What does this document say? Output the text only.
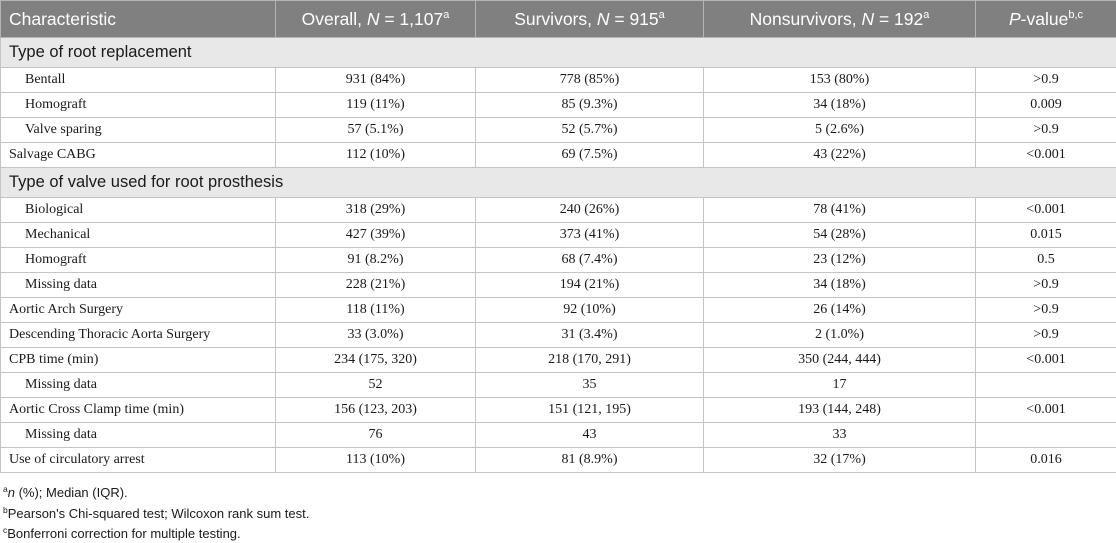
Characteristic	Overall, N = 1,107$^a$	Survivors, $N = 915^a$	Nonsurvivors, $N = 192^a$	P-value$^{b,c}$
Type of root replacement				
Bentall	931 (84%)	778 (85%)	153 (80%)	>0.9
Homograft	119 (11%)	85 (9.3%)	34 (18%)	0.009
Valve sparing	57 (5.1%)	52 (5.7%)	5 (2.6%)	>0.9
Salvage CABG	112 (10%)	69 (7.5%)	43 (22%)	<0.001
Type of valve used for root prosthesis				
Biological	318 (29%)	240 (26%)	78 (41%)	<0.001
Mechanical	427 (39%)	373 (41%)	54 (28%)	0.015
Homograft	91 (8.2%)	68 (7.4%)	23 (12%)	0.5
Missing data	228 (21%)	194 (21%)	34 (18%)	>0.9
Aortic Arch Surgery	118 (11%)	92 (10%)	26 (14%)	>0.9
Descending Thoracic Aorta Surgery	33 (3.0%)	31 (3.4%)	2 (1.0%)	>0.9
CPB time (min)	234 (175, 320)	218 (170, 291)	350 (244, 444)	<0.001
Missing data	52	35	17	
Aortic Cross Clamp time (min)	156 (123, 203)	151 (121, 195)	193 (144, 248)	<0.001
Missing data	76	43	33	
Use of circulatory arrest	113 (10%)	81 (8.9%)	32 (17%)	0.016
$^a$n (%); Median (IQR).
$^b$Pearson's Chi-squared test; Wilcoxon rank sum test.
$^c$Bonferroni correction for multiple testing.
